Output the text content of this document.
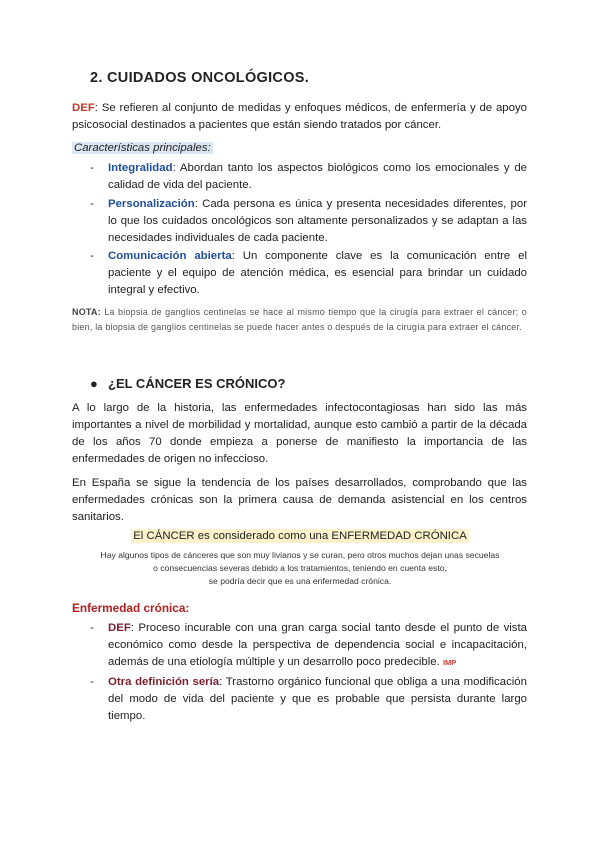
2. CUIDADOS ONCOLÓGICOS.
DEF: Se refieren al conjunto de medidas y enfoques médicos, de enfermería y de apoyo psicosocial destinados a pacientes que están siendo tratados por cáncer.
Características principales:
- Integralidad: Abordan tanto los aspectos biológicos como los emocionales y de calidad de vida del paciente.
- Personalización: Cada persona es única y presenta necesidades diferentes, por lo que los cuidados oncológicos son altamente personalizados y se adaptan a las necesidades individuales de cada paciente.
- Comunicación abierta: Un componente clave es la comunicación entre el paciente y el equipo de atención médica, es esencial para brindar un cuidado integral y efectivo.
NOTA: La biopsia de ganglios centinelas se hace al mismo tiempo que la cirugía para extraer el cáncer; o bien, la biopsia de ganglios centinelas se puede hacer antes o después de la cirugía para extraer el cáncer.
● ¿EL CÁNCER ES CRÓNICO?
A lo largo de la historia, las enfermedades infectocontagiosas han sido las más importantes a nivel de morbilidad y mortalidad, aunque esto cambió a partir de la década de los años 70 donde empieza a ponerse de manifiesto la importancia de las enfermedades de origen no infeccioso.
En España se sigue la tendencia de los países desarrollados, comprobando que las enfermedades crónicas son la primera causa de demanda asistencial en los centros sanitarios.
El CÁNCER es considerado como una ENFERMEDAD CRÓNICA
Hay algunos tipos de cánceres que son muy livianos y se curan, pero otros muchos dejan unas secuelas
o consecuencias severas debido a los tratamientos, teniendo en cuenta esto,
se podría decir que es una enfermedad crónica.
Enfermedad crónica:
- DEF: Proceso incurable con una gran carga social tanto desde el punto de vista económico como desde la perspectiva de dependencia social e incapacitación, además de una etiología múltiple y un desarrollo poco predecible. IMP
- Otra definición sería: Trastorno orgánico funcional que obliga a una modificación del modo de vida del paciente y que es probable que persista durante largo tiempo.
